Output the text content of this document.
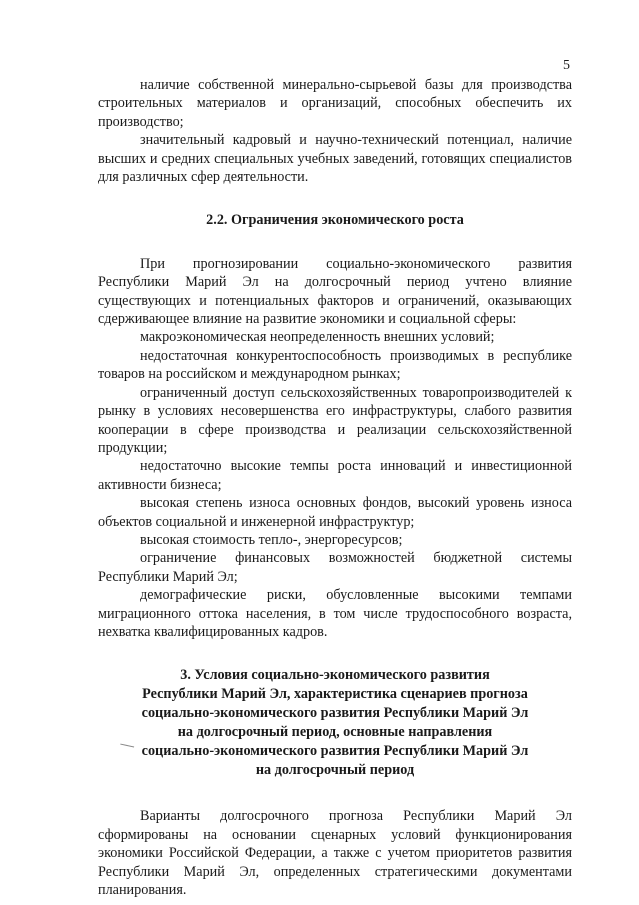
5

наличие собственной минерально-сырьевой базы для производства строительных материалов и организаций, способных обеспечить их производство;

значительный кадровый и научно-технический потенциал, наличие высших и средних специальных учебных заведений, готовящих специалистов для различных сфер деятельности.

2.2. Ограничения экономического роста

При прогнозировании социально-экономического развития Республики Марий Эл на долгосрочный период учтено влияние существующих и потенциальных факторов и ограничений, оказывающих сдерживающее влияние на развитие экономики и социальной сферы:

макроэкономическая неопределенность внешних условий;

недостаточная конкурентоспособность производимых в республике товаров на российском и международном рынках;

ограниченный доступ сельскохозяйственных товаропроизводителей к рынку в условиях несовершенства его инфраструктуры, слабого развития кооперации в сфере производства и реализации сельскохозяйственной продукции;

недостаточно высокие темпы роста инноваций и инвестиционной активности бизнеса;

высокая степень износа основных фондов, высокий уровень износа объектов социальной и инженерной инфраструктур;

высокая стоимость тепло-, энергоресурсов;

ограничение финансовых возможностей бюджетной системы Республики Марий Эл;

демографические риски, обусловленные высокими темпами миграционного оттока населения, в том числе трудоспособного возраста, нехватка квалифицированных кадров.

3. Условия социально-экономического развития
Республики Марий Эл, характеристика сценариев прогноза
социально-экономического развития Республики Марий Эл
на долгосрочный период, основные направления
социально-экономического развития Республики Марий Эл
на долгосрочный период

Варианты долгосрочного прогноза Республики Марий Эл сформированы на основании сценарных условий функционирования экономики Российской Федерации, а также с учетом приоритетов развития Республики Марий Эл, определенных стратегическими документами планирования.
